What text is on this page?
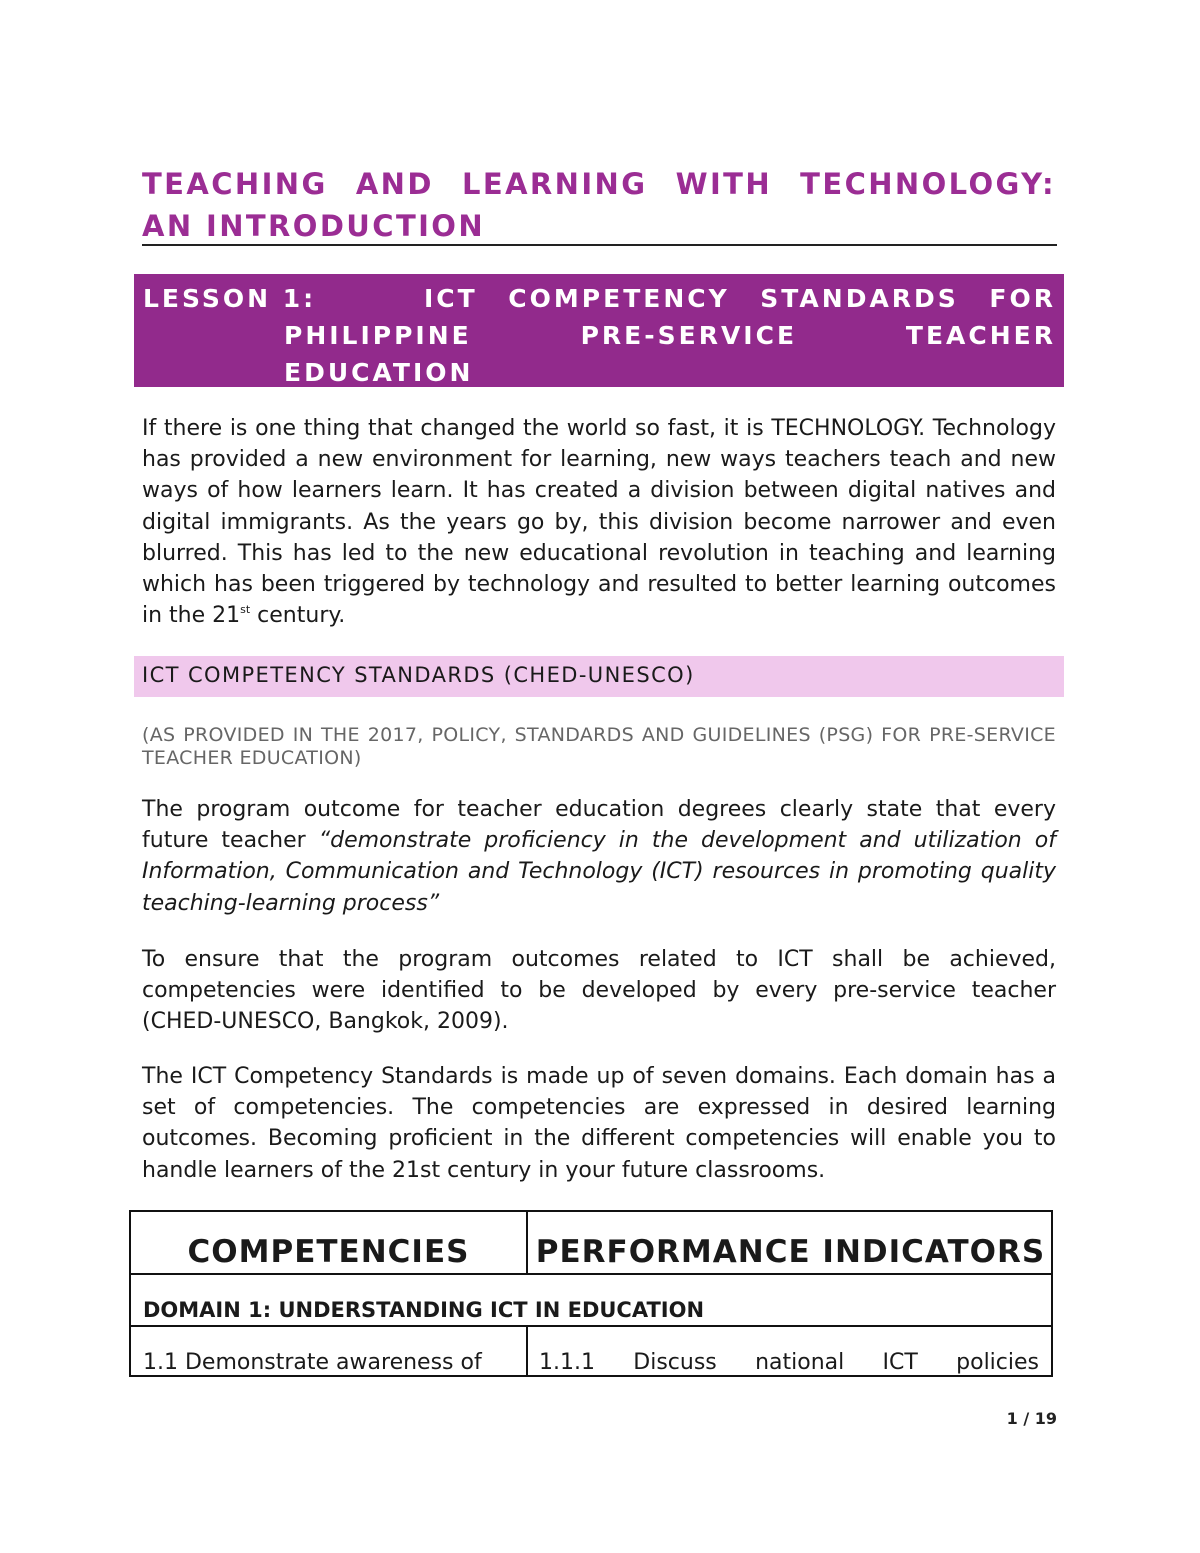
TEACHING AND LEARNING WITH TECHNOLOGY: AN INTRODUCTION
LESSON 1:	ICT COMPETENCY STANDARDS FOR PHILIPPINE PRE-SERVICE TEACHER EDUCATION
If there is one thing that changed the world so fast, it is TECHNOLOGY. Technology has provided a new environment for learning, new ways teachers teach and new ways of how learners learn. It has created a division between digital natives and digital immigrants. As the years go by, this division become narrower and even blurred. This has led to the new educational revolution in teaching and learning which has been triggered by technology and resulted to better learning outcomes in the 21st century.
ICT COMPETENCY STANDARDS (CHED-UNESCO)
(AS PROVIDED IN THE 2017, POLICY, STANDARDS AND GUIDELINES (PSG) FOR PRE-SERVICE TEACHER EDUCATION)
The program outcome for teacher education degrees clearly state that every future teacher “demonstrate proficiency in the development and utilization of Information, Communication and Technology (ICT) resources in promoting quality teaching-learning process”
To ensure that the program outcomes related to ICT shall be achieved, competencies were identified to be developed by every pre-service teacher (CHED-UNESCO, Bangkok, 2009).
The ICT Competency Standards is made up of seven domains. Each domain has a set of competencies. The competencies are expressed in desired learning outcomes. Becoming proficient in the different competencies will enable you to handle learners of the 21st century in your future classrooms.
COMPETENCIES	PERFORMANCE INDICATORS
DOMAIN 1: UNDERSTANDING ICT IN EDUCATION
1.1 Demonstrate awareness of	1.1.1 Discuss national ICT policies
1 / 19
